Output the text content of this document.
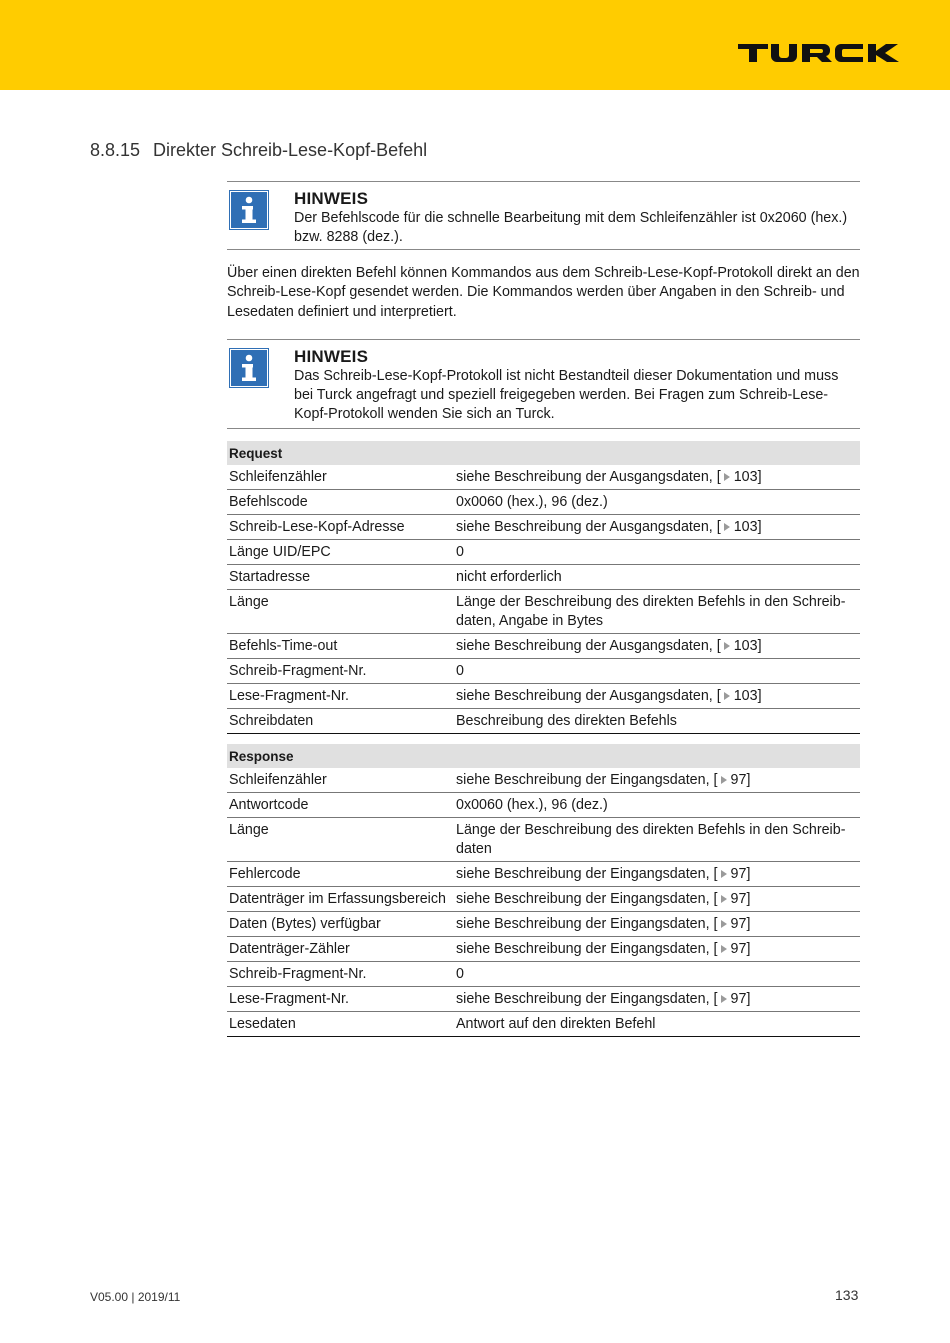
8.8.15 Direkter Schreib-Lese-Kopf-Befehl
HINWEIS
Der Befehlscode für die schnelle Bearbeitung mit dem Schleifenzähler ist 0x2060 (hex.) bzw. 8288 (dez.).
Über einen direkten Befehl können Kommandos aus dem Schreib-Lese-Kopf-Protokoll direkt an den Schreib-Lese-Kopf gesendet werden. Die Kommandos werden über Angaben in den Schreib- und Lesedaten definiert und interpretiert.
HINWEIS
Das Schreib-Lese-Kopf-Protokoll ist nicht Bestandteil dieser Dokumentation und muss bei Turck angefragt und speziell freigegeben werden. Bei Fragen zum Schreib-Lese-Kopf-Protokoll wenden Sie sich an Turck.
Request	
Schleifenzähler	siehe Beschreibung der Ausgangsdaten, [ 103]
Befehlscode	0x0060 (hex.), 96 (dez.)
Schreib-Lese-Kopf-Adresse	siehe Beschreibung der Ausgangsdaten, [ 103]
Länge UID/EPC	0
Startadresse	nicht erforderlich
Länge	Länge der Beschreibung des direkten Befehls in den Schreibdaten, Angabe in Bytes
Befehls-Time-out	siehe Beschreibung der Ausgangsdaten, [ 103]
Schreib-Fragment-Nr.	0
Lese-Fragment-Nr.	siehe Beschreibung der Ausgangsdaten, [ 103]
Schreibdaten	Beschreibung des direkten Befehls
Response	
Schleifenzähler	siehe Beschreibung der Eingangsdaten, [ 97]
Antwortcode	0x0060 (hex.), 96 (dez.)
Länge	Länge der Beschreibung des direkten Befehls in den Schreibdaten
Fehlercode	siehe Beschreibung der Eingangsdaten, [ 97]
Datenträger im Erfassungsbereich	siehe Beschreibung der Eingangsdaten, [ 97]
Daten (Bytes) verfügbar	siehe Beschreibung der Eingangsdaten, [ 97]
Datenträger-Zähler	siehe Beschreibung der Eingangsdaten, [ 97]
Schreib-Fragment-Nr.	0
Lese-Fragment-Nr.	siehe Beschreibung der Eingangsdaten, [ 97]
Lesedaten	Antwort auf den direkten Befehl
V05.00 | 2019/11	133
